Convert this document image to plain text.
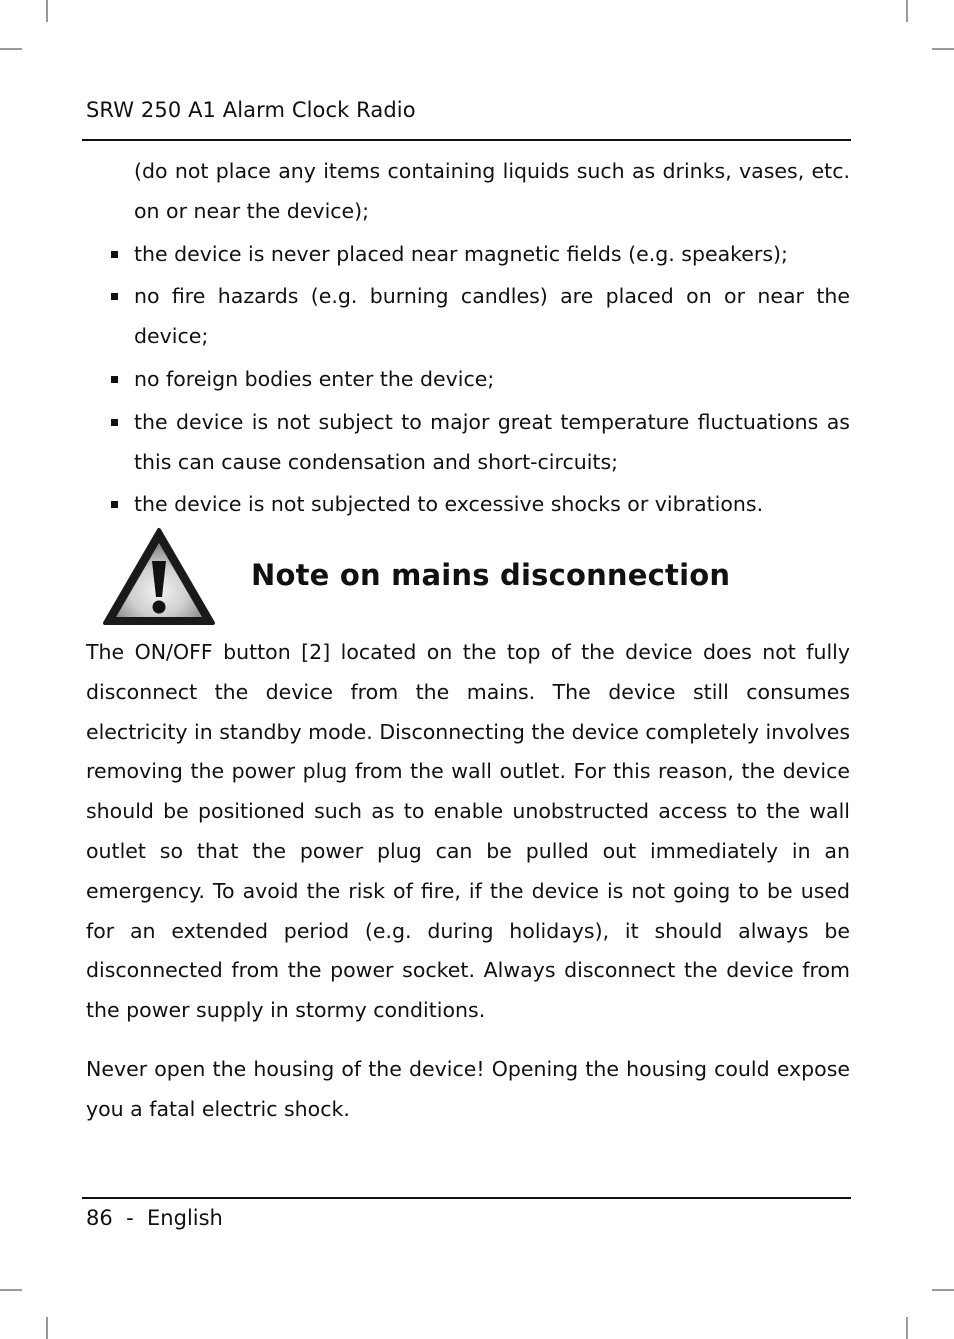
SRW 250 A1 Alarm Clock Radio

(do not place any items containing liquids such as drinks, vases, etc. on or near the device);

the device is never placed near magnetic fields (e.g. speakers);
no fire hazards (e.g. burning candles) are placed on or near the device;
no foreign bodies enter the device;
the device is not subject to major great temperature fluctuations as this can cause condensation and short-circuits;
the device is not subjected to excessive shocks or vibrations.
Note on mains disconnection

The ON/OFF button [2] located on the top of the device does not fully disconnect the device from the mains. The device still consumes electricity in standby mode. Disconnecting the device completely involves removing the power plug from the wall outlet. For this reason, the device should be positioned such as to enable unobstructed access to the wall outlet so that the power plug can be pulled out immediately in an emergency. To avoid the risk of fire, if the device is not going to be used for an extended period (e.g. during holidays), it should always be disconnected from the power socket. Always disconnect the device from the power supply in stormy conditions.

Never open the housing of the device! Opening the housing could expose you a fatal electric shock.

86 - English
